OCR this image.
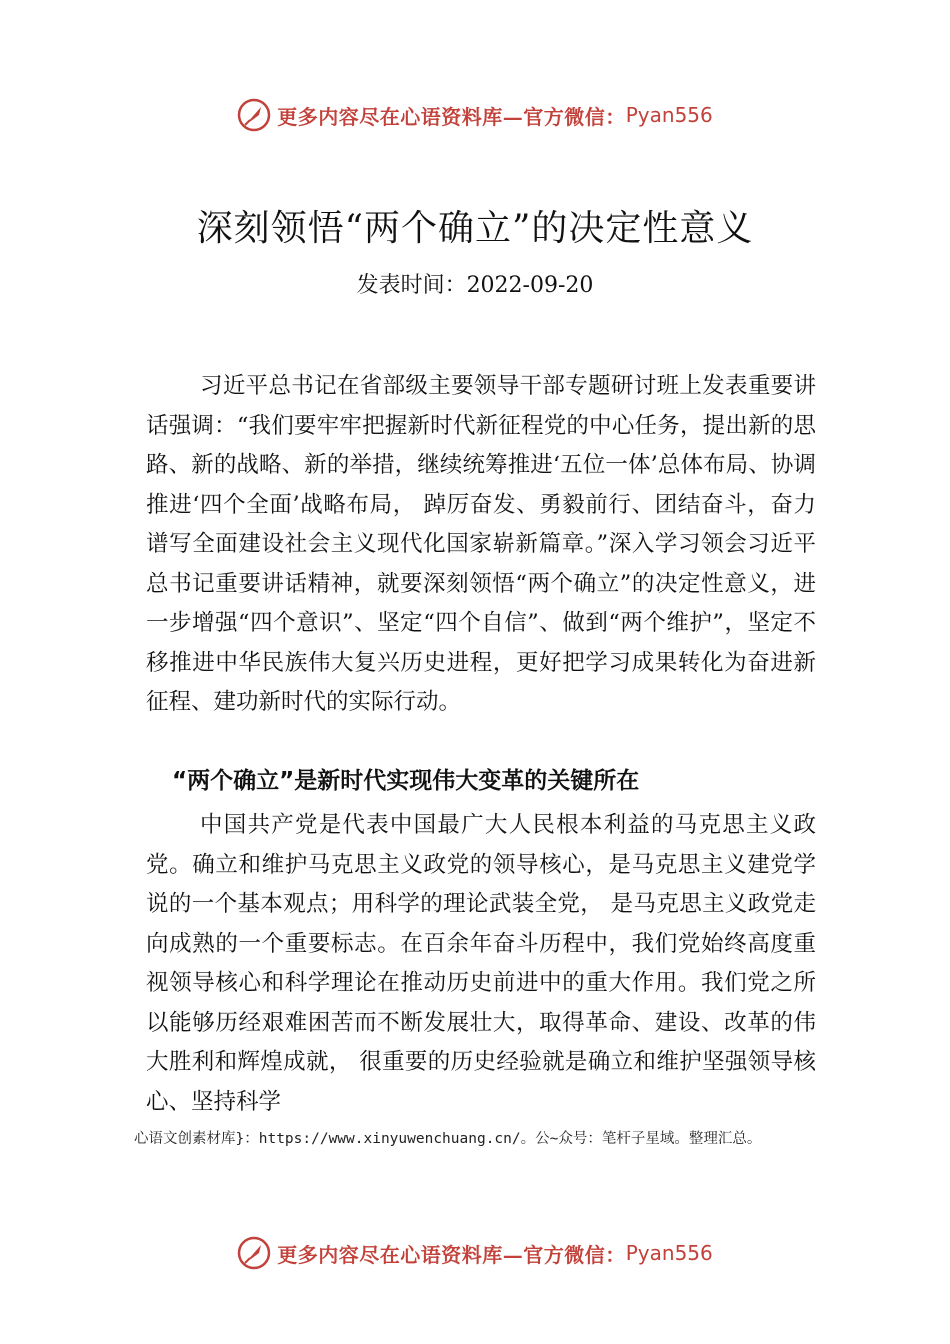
更多内容尽在心语资料库—官方微信： Pyan556
深刻领悟“两个确立”的决定性意义
发表时间：2022-09-20

习近平总书记在省部级主要领导干部专题研讨班上发表重要讲话强调：“我们要牢牢把握新时代新征程党的中心任务，提出新的思路、新的战略、新的举措，继续统筹推进‘五位一体’总体布局、协调推进‘四个全面’战略布局， 踔厉奋发、勇毅前行、团结奋斗，奋力谱写全面建设社会主义现代化国家崭新篇章。”深入学习领会习近平总书记重要讲话精神，就要深刻领悟“两个确立”的决定性意义，进一步增强“四个意识”、坚定“四个自信”、做到“两个维护”，坚定不移推进中华民族伟大复兴历史进程，更好把学习成果转化为奋进新征程、建功新时代的实际行动。

“两个确立”是新时代实现伟大变革的关键所在

中国共产党是代表中国最广大人民根本利益的马克思主义政党。确立和维护马克思主义政党的领导核心，是马克思主义建党学说的一个基本观点；用科学的理论武装全党， 是马克思主义政党走向成熟的一个重要标志。在百余年奋斗历程中，我们党始终高度重视领导核心和科学理论在推动历史前进中的重大作用。我们党之所以能够历经艰难困苦而不断发展壮大，取得革命、建设、改革的伟大胜利和辉煌成就， 很重要的历史经验就是确立和维护坚强领导核心、坚持科学

心语文创素材库}：https://www.xinyuwenchuang.cn/。公~众号：笔杆子星域。整理汇总。
更多内容尽在心语资料库—官方微信： Pyan556
